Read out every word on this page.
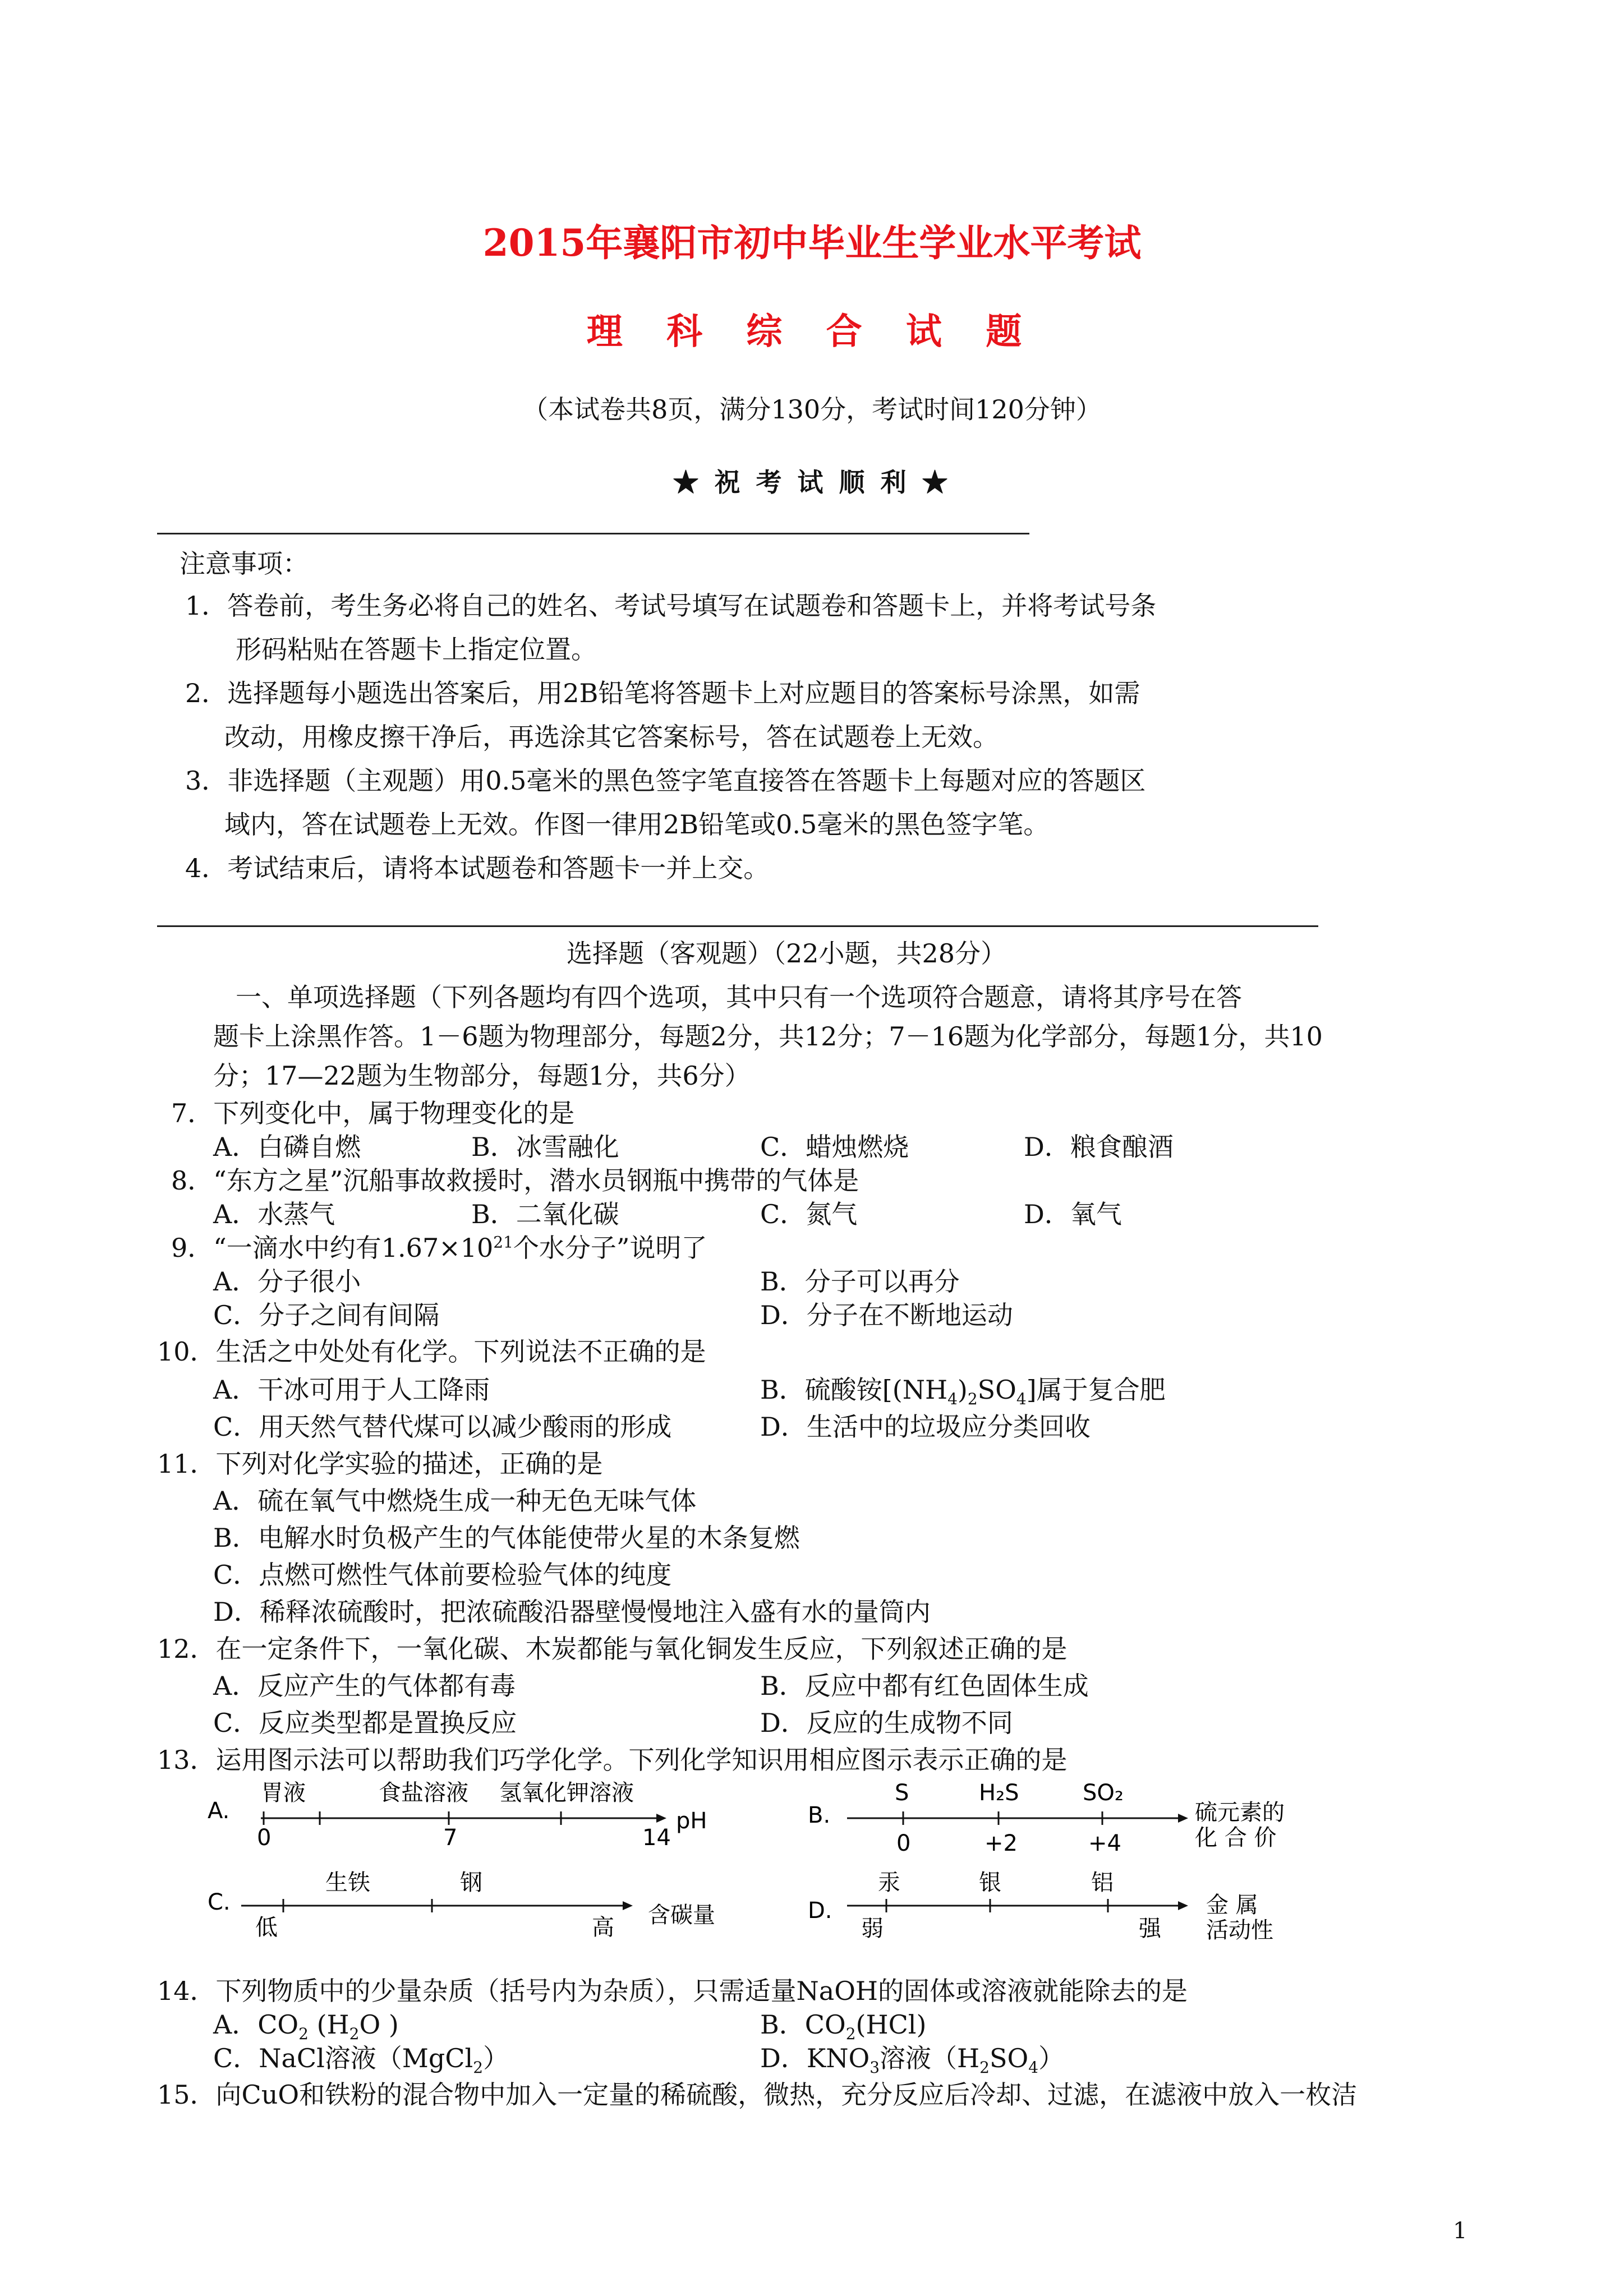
2015年襄阳市初中毕业生学业水平考试
理 科 综 合 试 题
（本试卷共8页，满分130分，考试时间120分钟）
★ 祝 考 试 顺 利 ★
注意事项：
1．答卷前，考生务必将自己的姓名、考试号填写在试题卷和答题卡上，并将考试号条
形码粘贴在答题卡上指定位置。
2．选择题每小题选出答案后，用2B铅笔将答题卡上对应题目的答案标号涂黑，如需
改动，用橡皮擦干净后，再选涂其它答案标号，答在试题卷上无效。
3．非选择题（主观题）用0.5毫米的黑色签字笔直接答在答题卡上每题对应的答题区
域内，答在试题卷上无效。作图一律用2B铅笔或0.5毫米的黑色签字笔。
4．考试结束后，请将本试题卷和答题卡一并上交。
选择题（客观题）（22小题，共28分）
一、单项选择题（下列各题均有四个选项，其中只有一个选项符合题意，请将其序号在答
题卡上涂黑作答。1－6题为物理部分，每题2分，共12分；7－16题为化学部分，每题1分，共10
分；17—22题为生物部分，每题1分，共6分）
7．下列变化中，属于物理变化的是
A．白磷自燃	B．冰雪融化	C．蜡烛燃烧	D．粮食酿酒
8．“东方之星”沉船事故救援时，潜水员钢瓶中携带的气体是
A．水蒸气	B．二氧化碳	C．氮气	D．氧气
9．“一滴水中约有$1.67\times 10^{21}$个水分子”说明了
A．分子很小	B．分子可以再分
C．分子之间有间隔	D．分子在不断地运动
10．生活之中处处有化学。下列说法不正确的是
A．干冰可用于人工降雨	B．硫酸铵$[(NH_4)_2SO_4]$属于复合肥
C．用天然气替代煤可以减少酸雨的形成	D．生活中的垃圾应分类回收
11．下列对化学实验的描述，正确的是
A．硫在氧气中燃烧生成一种无色无味气体
B．电解水时负极产生的气体能使带火星的木条复燃
C．点燃可燃性气体前要检验气体的纯度
D．稀释浓硫酸时，把浓硫酸沿器壁慢慢地注入盛有水的量筒内
12．在一定条件下，一氧化碳、木炭都能与氧化铜发生反应，下列叙述正确的是
A．反应产生的气体都有毒	B．反应中都有红色固体生成
C．反应类型都是置换反应	D．反应的生成物不同
13．运用图示法可以帮助我们巧学化学。下列化学知识用相应图示表示正确的是
A.
胃液	食盐溶液 氢氧化钾溶液
0	7	14
pH	B.
S	H₂S	SO₂
0	+2	+4
硫元素的
化 合 价
C.
生铁	钢
低	高 含碳量	D.
汞	银	铝
弱	强
金 属
活动性
14．下列物质中的少量杂质（括号内为杂质），只需适量NaOH的固体或溶液就能除去的是
A．$CO_2$ ($H_2O$ )	B．$CO_2(HCl)$
C．NaCl溶液（MgCl$_2$）	D．$KNO_3$溶液$(H_2SO_4)$
15．向CuO和铁粉的混合物中加入一定量的稀硫酸，微热，充分反应后冷却、过滤，在滤液中放入一枚洁
1
